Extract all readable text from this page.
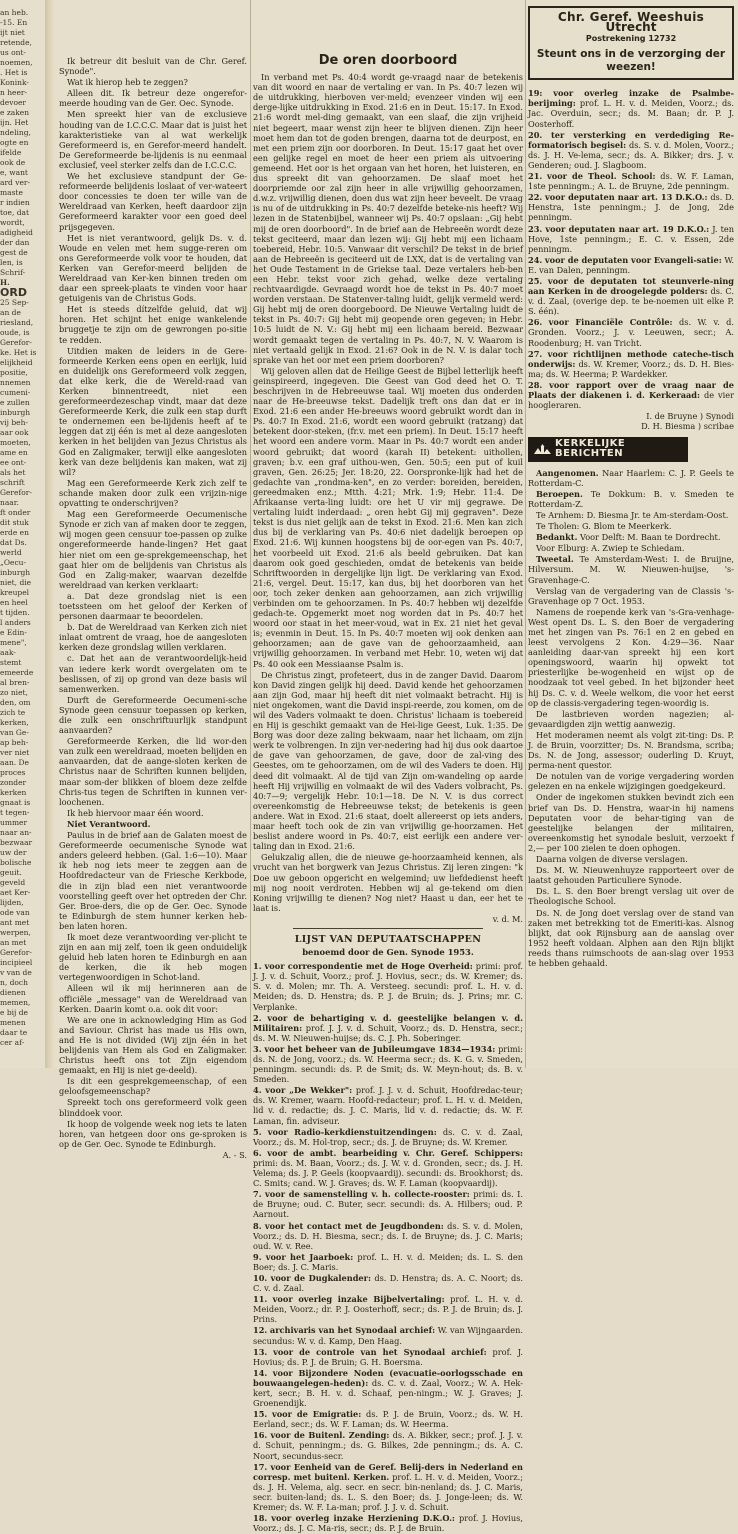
an heb.
-15. En
ijt niet
retende,
us ont-
noemen,
. Het is
Konink-
n heer-
devoer
e zaken
ijn. Het
ndeling,
ogte en
ifelde
ook de
e, want
ard ver-
maste
r indien
toe, dat
wordt,
adigheid
der dan
gest de
len, is
Schrif-
H.
ORD
25 Sep-
an de
riesland,
oude, is
Gerefor-
ke. Het is
elijkheid
positie,
nnemen
cumeni-
e zullen
inburgh
vij beh-
aar ook
moeten,
ame en
ee ont-
als het
schrift
Gerefor-
naar.
ft onder
dit stuk
erde en
dat Ds.
werld
„Oecu-
inburgh
niet, die
kreupel
en heel
t tijden.
l anders
e Edin-
mene",
aak-
stemt
emeerde
al bren-
zo niet,
den, om
zich te
kerken,
van Ge-
ap beh-
ver niet
aan. De
proces
zonder
kerken
gnaat is
t tegen-
ummer
naar an-
bezwaar
uw der
bolische
geuit.
geveld
aet Ker-
lijden,
ode van
ant met
werpen,
an met
Gerefor-
incipieel
v van de
n, doch
dienen
memen,
e bij de
menen
daar te
cer af-

Ik betreur dit besluit van de Chr. Geref. Synode".

Wat ik hierop heb te zeggen?

Alleen dit. Ik betreur deze ongerefor-meerde houding van de Ger. Oec. Synode.

Men spreekt hier van de exclusieve houding van de I.C.C.C. Maar dat is juist het karakteristieke van al wat werkelijk Gereformeerd is, en Gerefor-meerd handelt. De Gereformeerde be-lijdenis is nu eenmaal exclusief, veel sterker zelfs dan de I.C.C.C.

We het exclusieve standpunt der Ge-reformeerde belijdenis loslaat of ver-wateert door concessies te doen ter wille van de Wereldraad van Kerken, heeft daardoor zijn Gereformeerd karakter voor een goed deel prijsgegeven.

Het is niet verantwoord, gelijk Ds. v. d. Woude en velen met hem sugge-reren om ons Gereformeerde volk voor te houden, dat Kerken van Gerefor-meerd belijden de Wereldraad van Ker-ken binnen treden om daar een spreek-plaats te vinden voor haar getuigenis van de Christus Gods.

Het is steeds dítzelfde geluid, dat wij horen. Het schijnt het enige wankelende bruggetje te zijn om de gewrongen po-sitie te redden.

Uitdien maken de leiders in de Gere-formeerde Kerken eens open en eerlijk, luid en duidelijk ons Gereformeerd volk zeggen, dat elke kerk, die de Wereld-raad van Kerken binnentreedt, niet een gereformeerdezeschap vindt, maar dat deze Gereformeerde Kerk, die zulk een stap durft te ondernemen een be-lijdenis heeft af te leggen dat zij één is met al deze aangesloten kerken in het belijden van Jezus Christus als God en Zaligmaker, terwijl elke aangesloten kerk van deze belijdenis kan maken, wat zij wil?

Mag een Gereformeerde Kerk zich zelf te schande maken door zulk een vrijzin-nige opvatting te onderschrijven?

Mag een Gereformeerde Oecumenische Synode er zich van af maken door te zeggen, wij mogen geen censuur toe-passen op zulke ongereformeerde hande-lingen? Het gaat hier niet om een ge-sprekgemeenschap, het gaat hier om de belijdenis van Christus als God en Zalig-maker, waarvan dezelfde wereldraad van kerken verklaart:

a. Dat deze grondslag niet is een toetssteen om het geloof der Kerken of personen daarmaar te beoordelen.

b. Dat de Wereldraad van Kerken zich niet inlaat omtrent de vraag, hoe de aangesloten kerken deze grondslag willen verklaren.

c. Dat het aan de verantwoordelijk-heid van iedere kerk wordt overgelaten om te beslissen, of zij op grond van deze basis wil samenwerken.

Durft de Gereformeerde Oecumeni-sche Synode geen censuur toepassen op kerken, die zulk een onschriftuurlijk standpunt aanvaarden?

Gereformeerde Kerken, die lid wor-den van zulk een wereldraad, moeten belijden en aanvaarden, dat de aange-sloten kerken de Christus naar de Schriften kunnen belijden, maar som-der blikken of bloem deze zelfde Chris-tus tegen de Schriften in kunnen ver-loochenen.

Ik heb hiervoor maar één woord.

Niet Verantwoord.

Paulus in de brief aan de Galaten moest de Gereformeerde oecumenische Synode wat anders geleerd hebben. (Gal. 1:6—10). Maar ik heb nog iets meer te zeggen aan de Hoofdredacteur van de Friesche Kerkbode, die in zijn blad een niet verantwoorde voorstelling geeft over het optreden der Chr. Ger. Broe-ders, die op de Ger. Oec. Synode te Edinburgh de stem hunner kerken heb-ben laten horen.

Ik moet deze verantwoording ver-plicht te zijn en aan mij zelf, toen ik geen onduidelijk geluid heb laten horen te Edinburgh en aan de kerken, die ik heb mogen vertegenwoordigen in Schot-land.

Alleen wil ik mij herinneren aan de officiële „message" van de Wereldraad van Kerken. Daarin komt o.a. ook dit voor:

We are one in acknowledging Him as God and Saviour. Christ has made us His own, and He is not divided (Wij zijn één in het belijdenis van Hem als God en Zaligmaker. Christus heeft ons tot Zijn eigendom gemaakt, en Hij is niet ge-deeld).

Is dit een gesprekgemeenschap, of een geloofsgemeenschap?

Spreekt toch ons gereformeerd volk geen blinddoek voor.

Ik hoop de volgende week nog iets te laten horen, van hetgeen door ons ge-sproken is op de Ger. Oec. Synode te Edinburgh.

A. - S.
De oren doorboord

In verband met Ps. 40:4 wordt ge-vraagd naar de betekenis van dit woord en naar de vertaling er van. In Ps. 40:7 lezen wij de uitdrukking, hierboven ver-meld; evenzeer vinden wij een derge-lijke uitdrukking in Exod. 21:6 en in Deut. 15:17. In Exod. 21:6 wordt mel-ding gemaakt, van een slaaf, die zijn vrijheid niet begeert, maar wenst zijn heer te blijven dienen. Zijn heer moet hem dan tot de goden brengen, daarna tot de deurpost, en met een priem zijn oor doorboren. In Deut. 15:17 gaat het over een gelijke regel en moet de heer een priem als uitvoering gemeend. Het oor is het orgaan van het horen, het luisteren, en dus spreekt dit van gehoorzamen. De slaaf moet het doorpriemde oor zal zijn heer in alle vrijwillig gehoorzamen, d.w.z. vrijwillig dienen, doen dus wat zijn heer beveelt. De vraag is nu of de uitdrukking in Ps. 40:7 dezelfde beteke-nis heeft? Wij lezen in de Statenbijbel, wanneer wij Ps. 40:7 opslaan: „Gij hebt mij de oren doorboord". In de brief aan de Hebreeën wordt deze tekst geciteerd, maar dan lezen wij: Gij hebt mij een lichaam toebereid, Hebr. 10:5. Vanwaar dit verschil? De tekst in de brief aan de Hebreeën is geciteerd uit de LXX, dat is de vertaling van het Oude Testament in de Griekse taal. Deze vertalers heb-ben een Hebr. tekst voor zich gehad, welke deze vertaling rechtvaardigde. Gevraagd wordt hoe de tekst in Ps. 40:7 moet worden verstaan. De Statenver-taling luidt, gelijk vermeld werd: Gij hebt mij de oren doorgeboord. De Nieuwe Vertaling luidt de tekst in Ps. 40:7: Gij hebt mij geopende oren gegeven; in Hebr. 10:5 luidt de N. V.: Gij hebt mij een lichaam bereid. Bezwaar wordt gemaakt tegen de vertaling in Ps. 40:7, N. V. Waarom is niet vertaald gelijk in Exod. 21:6? Ook in de N. V. is dalar toch sprake van het oor met een priem doorboren?

Wij geloven allen dat de Heilige Geest de Bijbel letterlijk heeft geinspireerd, ingegeven. Die Geest van God deed het O. T. beschrijven in de Hebreeuwse taal. Wij moeten dus onderden naar de He-breeuwse tekst. Dadelijk treft ons dan dat er in Exod. 21:6 een ander He-breeuws woord gebruikt wordt dan in Ps. 40:7 In Exod. 21:6, wordt een woord gebruikt (ratzang) dat betekent door-steken, (fr.v. met een priem). In Deut. 15:17 heeft het woord een andere vorm. Maar in Ps. 40:7 wordt een ander woord gebruikt; dat woord (karah II) betekent: uithollen, graven; b.v. een graf uithou-wen, Gen. 50:5; een put of kuil graven, Gen. 26:25; Jer. 18:20, 22. Oorspronke-lijk had het de gedachte van „rondma-ken", en zo verder: boreiden, bereiden, gereedmaken enz.; Mtth. 4:21; Mrk. 1:9; Hebr. 11:4. De Afrikaanse verta-ling luidt: ore het U vir mij gegrawe. De vertaling luidt inderdaad: „ oren hebt Gij mij gegraven". Deze tekst is dus niet gelijk aan de tekst in Exod. 21:6. Men kan zich dus bij de verklaring van Ps. 40:6 niet dadelijk beroepen op Exod. 21:6. Wij kunnen hoogstens bij de oor-egen van Ps. 40:7, het voorbeeld uit Exod. 21:6 als beeld gebruiken. Dat kan daarom ook goed geschieden, omdat de betekenis van beide Schriftwoorden in dergelijke lijn ligt. De verklaring van Exod. 21:6, vergel. Deut. 15:17, kan dus, bij het doorboren van het oor, toch zeker denken aan gehoorzamen, aan zich vrijwillig verbinden om te gehoorzamen. In Ps. 40:7 hebben wij dezelfde gedach-te. Opgemerkt moet nog worden dat in Ps. 40:7 het woord oor staat in het meer-voud, wat in Ex. 21 niet het geval is; evenmin in Deut. 15. In Ps. 40:7 moeten wij ook denken aan gehoorzamen; aan de gave van de gehoorzaamheid, aan vrijwillig gehoorzamen. In verband met Hebr. 10, weten wij dat Ps. 40 ook een Messiaanse Psalm is.

De Christus zingt, profeteert, dus in de zanger David. Daarom kon David zingen gelijk hij deed. David kende het gehoorzamen aan zijn God, maar hij heeft dit niet volmaakt betracht. Hij is niet ongekomen, want die David inspi-reerde, zou komen, om de wil des Vaders volmaakt te doen. Christus' lichaam is toebereid en Hij is geschikt gemaakt van de Hei-lige Geest, Luk. 1:35. De Borg was door deze zaling bekwaam, naar het lichaam, om zijn werk te volbrengen. In zijn ver-nedering had hij dus ook daartoe de gave van gehoorzamen, de gave, door de zal-ving des Geestes, om te gehoorzamen, om de wil des Vaders te doen. Hij deed dit volmaakt. Al de tijd van Zijn om-wandeling op aarde heeft Hij vrijwillig en volmaakt de wil des Vaders volbracht, Ps. 40:7—9; vergelijk Hebr. 10:1—18. De N. V. is dus correct overeenkomstig de Hebreeuwse tekst; de betekenis is geen andere. Wat in Exod. 21:6 staat, doelt allereerst op iets anders, maar heeft toch ook de zin van vrijwillig ge-hoorzamen. Het beslist andere woord in Ps. 40:7, eist eerlijk een andere ver-taling dan in Exod. 21:6.

Gelukzalig allen, die de nieuwe ge-hoorzaamheid kennen, als vrucht van het borgwerk van Jezus Christus. Zij leren zingen: "k Doe uw geboon opgericht en welgemind; uw liefdedienst heeft mij nog nooit verdroten. Hebben wij al ge-tekend om dien Koning vrijwillig te dienen? Nog niet? Haast u dan, eer het te laat is.

v. d. M.
LIJST VAN DEPUTAATSCHAPPEN
benoemd door de Gen. Synode 1953.
1. voor correspondentie met de Hoge Overheid: primi: prof. J. J. v. d. Schuit, Voorz.; prof. J. Hovius, secr.; ds. W. Kremer; ds. S. v. d. Molen; mr. Th. A. Versteeg. secundi: prof. L. H. v. d. Meiden; ds. D. Henstra; ds. P. J. de Bruin; ds. J. Prins; mr. C. Verplanke.
2. voor de behartiging v. d. geestelijke belangen v. d. Militairen: prof. J. J. v. d. Schuit, Voorz.; ds. D. Henstra, secr.; ds. M. W. Nieuwen-huijse; ds. C. J. Ph. Soberinger.
3. voor het beheer van de Jubileumgave 1834—1934: primi: ds. N. de Jong, voorz.; ds. W. Heerma secr.; ds. K. G. v. Smeden, penningm. secundi: ds. P. de Smit; ds. W. Meyn-hout; ds. B. v. Smeden.
4. voor „De Wekker": prof. J. J. v. d. Schuit, Hoofdredac-teur; ds. W. Kremer, waarn. Hoofd-redacteur; prof. L. H. v. d. Meiden, lid v. d. redactie; ds. J. C. Maris, lid v. d. redactie; ds. W. F. Laman, fin. adviseur.
5. voor Radio-kerkdienstuitzendingen: ds. C. v. d. Zaal, Voorz.; ds. M. Hol-trop, secr.; ds. J. de Bruyne; ds. W. Kremer.
6. voor de ambt. bearbeiding v. Chr. Geref. Schippers: primi: ds. M. Baan, Voorz.; ds. J. W. v. d. Gronden, secr.; ds. J. H. Velema; ds. J. P. Geels (koopvaardij). secundi: ds. Brookhorst; ds. C. Smits; cand. W. J. Graves; ds. W. F. Laman (koopvaardij).
7. voor de samenstelling v. h. collecte-rooster: primi: ds. I. de Bruyne; oud. C. Buter, secr. secundi: ds. A. Hilbers; oud. P. Aarnout.
8. voor het contact met de Jeugdbonden: ds. S. v. d. Molen, Voorz.; ds. D. H. Biesma, secr.; ds. I. de Bruyne; ds. J. C. Maris; oud. W. v. Ree.
9. voor het Jaarboek: prof. L. H. v. d. Meiden; ds. L. S. den Boer; ds. J. C. Maris.
10. voor de Dugkalender: ds. D. Henstra; ds. A. C. Noort; ds. C. v. d. Zaal.
11. voor overleg inzake Bijbelvertaling: prof. L. H. v. d. Meiden, Voorz.; dr. P. J. Oosterhoff, secr.; ds. P. J. de Bruin; ds. J. Prins.
12. archivaris van het Synodaal archief: W. van Wijngaarden. secundus: W. v. d. Kamp, Den Haag.
13. voor de controle van het Synodaal archief: prof. J. Hovius; ds. P. J. de Bruin; G. H. Boersma.
14. voor Bijzondere Noden (evacuatie-oorlogsschade en bouwaangelegen-heden): ds. C. v. d. Zaal, Voorz.; W. A. Hek-kert, secr.; B. H. v. d. Schaaf, pen-ningm.; W. J. Graves; J. Groenendijk.
15. voor de Emigratie: ds. P. J. de Bruin, Voorz.; ds. W. H. Eerland, secr.; ds. W. F. Laman; ds. W. Heerma.
16. voor de Buitenl. Zending: ds. A. Bikker, secr.; prof. J. J. v. d. Schuit, penningm.; ds. G. Bilkes, 2de penningm.; ds. A. C. Noort, secundus-secr.
17. voor Eenheid van de Geref. Belij-ders in Nederland en corresp. met buitenl. Kerken. prof. L. H. v. d. Meiden, Voorz.; ds. J. H. Velema, alg. secr. en secr. bin-nenland; ds. J. C. Maris, secr. buiten-land; ds. L. S. den Boer; ds. J. Jonge-leen; ds. W. Kremer; ds. W. F. La-man; prof. J. J. v. d. Schuit.
18. voor overleg inzake Herziening D.K.O.: prof. J. Hovius, Voorz.; ds. J. C. Ma-ris, secr.; ds. P. J. de Bruin.
Chr. Geref. Weeshuis
Utrecht
Postrekening 12732
Steunt ons in de verzorging der weezen!
19: voor overleg inzake de Psalmbe-berijming: prof. L. H. v. d. Meiden, Voorz.; ds. Jac. Overduin, secr.; ds. M. Baan; dr. P. J. Oosterhoff.
20. ter versterking en verdediging Re-formatorisch begisel: ds. S. v. d. Molen, Voorz.; ds. J. H. Ve-lema, secr.; ds. A. Bikker; drs. J. v. Genderen; oud. J. Slagboom.
21. voor de Theol. School: ds. W. F. Laman, 1ste penningm.; A. L. de Bruyne, 2de penningm.
22. voor deputaten naar art. 13 D.K.O.: ds. D. Henstra, 1ste penningm.; J. de Jong, 2de penningm.
23. voor deputaten naar art. 19 D.K.O.: J. ten Hove, 1ste penningm.; E. C. v. Essen, 2de penningm.
24. voor de deputaten voor Evangeli-satie: W. E. van Dalen, penningm.
25. voor de deputaten tot steunverle-ning aan Kerken in de droogelegde polders: ds. C. v. d. Zaal, (overige dep. te be-noemen uit elke P. S. één).
26. voor Financiële Contrôle: ds. W. v. d. Gronden. Voorz.; J. v. Leeuwen, secr.; A. Roodenburg; H. van Tricht.
27. voor richtlijnen methode cateche-tisch onderwijs: ds. W. Kremer, Voorz.; ds. D. H. Bies-ma; ds. W. Heerma; P. Wardekker.
28. voor rapport over de vraag naar de Plaats der diakenen i. d. Kerkeraad: de vier hoogleraren.
I. de Bruyne ) Synodi
D. H. Biesma ) scribae
KERKELIJKE BERICHTEN

Aangenomen. Naar Haarlem: C. J. P. Geels te Rotterdam-C.

Beroepen. Te Dokkum: B. v. Smeden te Rotterdam-Z.

Te Arnhem: D. Biesma Jr. te Am-sterdam-Oost.

Te Tholen: G. Blom te Meerkerk.

Bedankt. Voor Delft: M. Baan te Dordrecht.

Voor Elburg: A. Zwiep te Schiedam.

Tweetal. Te Amsterdam-West: I. de Bruijne, Hilversum. M. W. Nieuwen-huijse, 's-Gravenhage-C.

Verslag van de vergadering van de Classis 's-Gravenhage op 7 Oct. 1953.

Namens de roepende kerk van 's-Gra-venhage-West opent Ds. L. S. den Boer de vergadering met het zingen van Ps. 76:1 en 2 en gebed en leest vervolgens 2 Kon. 4:29—36. Naar aanleiding daar-van spreekt hij een kort openingswoord, waarin hij opwekt tot priesterlijke be-wogenheid en wijst op de noodzaak tot veel gebed. In het bijzonder heet hij Ds. C. v. d. Weele welkom, die voor het eerst op de classis-vergadering tegen-woordig is.

De lastbrieven worden nagezien; al-gevaardigden zijn wettig aanwezig.

Het moderamen neemt als volgt zit-ting: Ds. P. J. de Bruin, voorzitter; Ds. N. Brandsma, scriba; Ds. N. de Jong, assessor; ouderling D. Kruyt, perma-nent questor.

De notulen van de vorige vergadering worden gelezen en na enkele wijzigingen goedgekeurd.

Onder de ingekomen stukken bevindt zich een brief van Ds. D. Henstra, waar-in hij namens Deputaten voor de behar-tiging van de geestelijke belangen der militairen, overeenkomstig het synodale besluit, verzoekt f 2,— per 100 zielen te doen ophogen.

Daarna volgen de diverse verslagen.

Ds. M. W. Nieuwenhuyze rapporteert over de laatst gehouden Particuliere Synode.

Ds. L. S. den Boer brengt verslag uit over de Theologische School.

Ds. N. de Jong doet verslag over de stand van zaken met betrekking tot de Emeriti-kas. Alsnog blijkt, dat ook Rijnsburg aan de aanslag over 1952 heeft voldaan. Alphen aan den Rijn blijkt reeds thans ruimschoots de aan-slag over 1953 te hebben gehaald.
